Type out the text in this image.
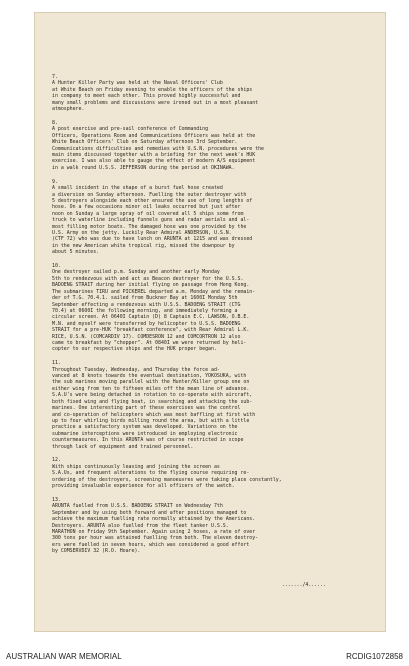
7.
A Hunter Killer Party was held at the Naval Officers' Club
at White Beach on Friday evening to enable the officers of the ships
in company to meet each other. This proved highly successful and
many small problems and discussions were ironed out in a most pleasant
atmosphere.
8.
A post exercise and pre-sail conference of Commanding
Officers, Operations Room and Communications Officers was held at the
White Beach Officers' Club on Saturday afternoon 3rd September.
Communications difficulties and remedies with U.S.N. procedures were the
main items discussed together with a briefing for the next week's HUK
exercise. I was also able to gauge the effect of modern A/S equipment
in a walk round U.S.S. JEFFERSON during the period at OKINAWA.
9.
A small incident in the shape of a burst fuel hose created
a diversion on Sunday afternoon. Fuelling the outer destroyer with
5 destroyers alongside each other ensured the use of long lengths of
hose. On a few occasions minor oil leaks occurred but just after
noon on Sunday a large spray of oil covered all 5 ships some from
truck to waterline including funnels guns and radar aerials and al-
most filling motor boats. The damaged hose was one provided by the
U.S. Army on the jetty. Luckily Rear Admiral ANDERSON, U.S.N.
(CTF 72) who was due to have lunch on ARUNTA at 1215 and was dressed
in the new American white tropical rig, missed the downpour by
about 5 minutes.
10.
One destroyer sailed p.m. Sunday and another early Monday
5th to rendezvous with and act as Beacon destroyer for the U.S.S.
BADOENG STRAIT during her initial flying on passage from Hong Kong.
The submarines TIRU and PICKEREL departed a.m. Monday and the remain-
der of T.G. 70.4.1. sailed from Buckner Bay at 1600I Monday 5th
September effecting a rendezvous with U.S.S. BADOENG STRAIT (CTG
70.4) at 0600I the following morning, and immediately forming a
circular screen. At 0640I Captain (D) 8 Captain E.C. LAWSON, O.B.E.
M.N. and myself were transferred by helicopter to U.S.S. BADOENG
STRAIT for a pre-HUK "breakfast conference", with Rear Admiral L.K.
RICE, U.S.N. (COMCARDIV 17). COMDESRON 12 and COMCORTRON 12 also
came to breakfast by "chopper". At 0840I we were returned by heli-
copter to our respective ships and the HUK proper began.
11.
Throughout Tuesday, Wednesday, and Thursday the force ad-
vanced at 8 knots towards the eventual destination, YOKOSUKA, with
the sub marines moving parallel with the Hunter/Killer group one on
either wing from ten to fifteen miles off the mean line of advance.
S.A.U's were being detached in rotation to co-operate with aircraft,
both fixed wing and flying boat, in searching and attacking the sub-
marines. One interesting part of these exercises was the control
and co-operation of helicopters which was most baffling at first with
up to four whirling birds milling round the area, but with a little
practice a satisfactory system was developed. Variations on the
submarine interceptions were introduced in employing electronic
countermeasures. In this ARUNTA was of course restricted in scope
through lack of equipment and trained personnel.
12.
With ships continuously leaving and joining the screen as
S.A.Us, and frequent alterations to the flying course requiring re-
ordering of the destroyers, screening manoeuvres were taking place constantly,
providing invaluable experience for all officers of the watch.
13.
ARUNTA fuelled from U.S.S. BADOENG STRAIT on Wednesday 7th
September and by using both forward and after positions managed to
achieve the maximum fuelling rate normally attained by the Americans.
Destroyers. ARUNTA also fuelled from the fleet tanker U.S.S.
MARATHON on Friday 9th September. Again using 2 hoses, a rate of over
300 tons per hour was attained fuelling from both. The eleven destroy-
ers were fuelled in seven hours, which was considered a good effort
by COMSERVDIV 32 (R.O. Hoare).
......./4......
AUSTRALIAN WAR MEMORIAL	RCDIG1072858
